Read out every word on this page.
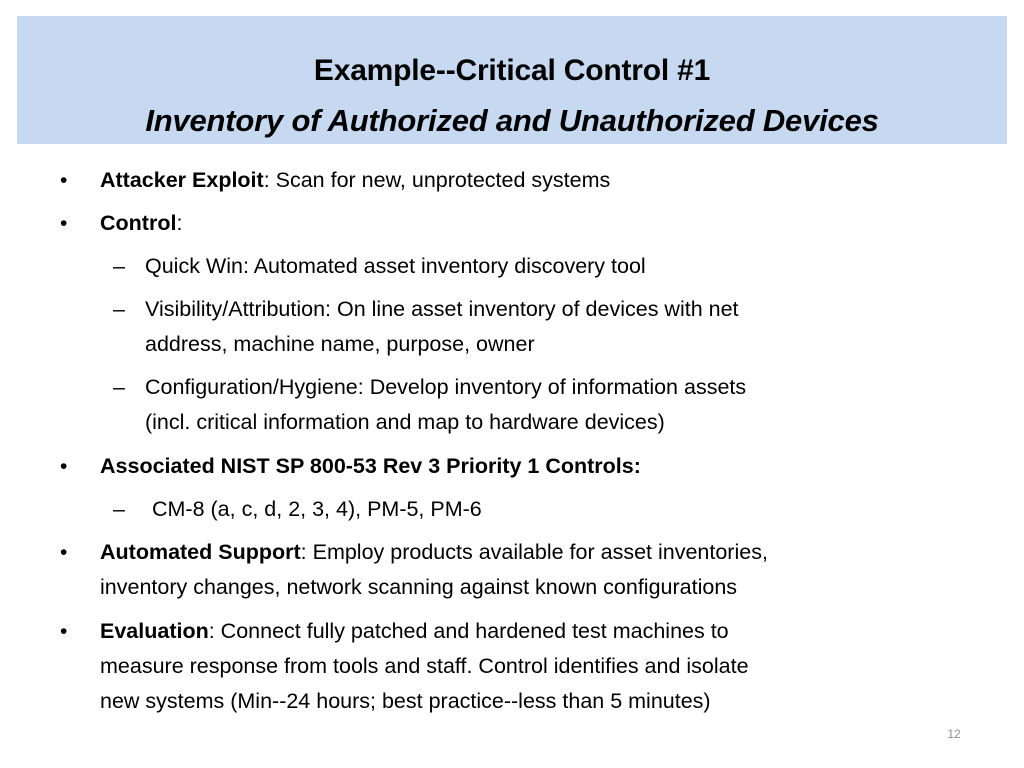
Example--Critical Control #1
Inventory of Authorized and Unauthorized Devices
• Attacker Exploit: Scan for new, unprotected systems
• Control:
– Quick Win: Automated asset inventory discovery tool
– Visibility/Attribution: On line asset inventory of devices with net
address, machine name, purpose, owner
– Configuration/Hygiene: Develop inventory of information assets
(incl. critical information and map to hardware devices)
• Associated NIST SP 800-53 Rev 3 Priority 1 Controls:
– CM-8 (a, c, d, 2, 3, 4), PM-5, PM-6
• Automated Support: Employ products available for asset inventories,
inventory changes, network scanning against known configurations
• Evaluation: Connect fully patched and hardened test machines to
measure response from tools and staff. Control identifies and isolate
new systems (Min--24 hours; best practice--less than 5 minutes)
12
